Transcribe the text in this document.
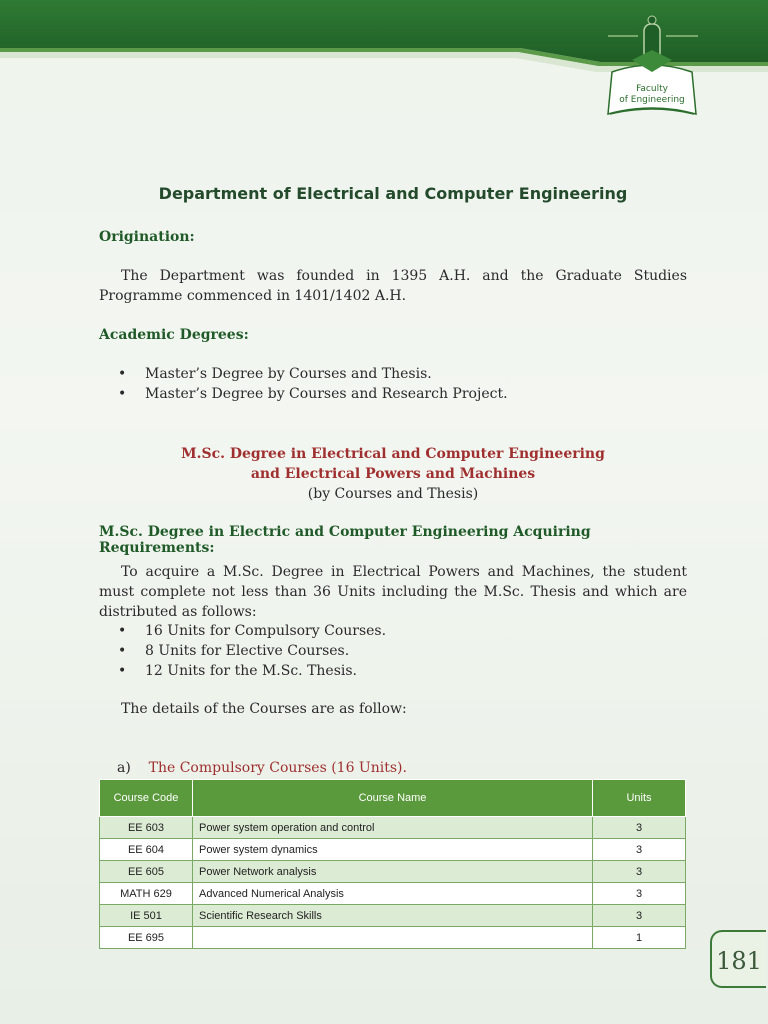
Faculty
of Engineering
Department of Electrical and Computer Engineering
Origination:

The Department was founded in 1395 A.H. and the Graduate Studies Programme commenced in 1401/1402 A.H.

Academic Degrees:
• Master’s Degree by Courses and Thesis.
• Master’s Degree by Courses and Research Project.
M.Sc. Degree in Electrical and Computer Engineering
and Electrical Powers and Machines
(by Courses and Thesis)
M.Sc. Degree in Electric and Computer Engineering Acquiring Requirements:

To acquire a M.Sc. Degree in Electrical Powers and Machines, the student must complete not less than 36 Units including the M.Sc. Thesis and which are distributed as follows:

• 16 Units for Compulsory Courses.
• 8 Units for Elective Courses.
• 12 Units for the M.Sc. Thesis.

The details of the Courses are as follow:

a) The Compulsory Courses (16 Units).
Course Code	Course Name	Units
EE 603	Power system operation and control	3
EE 604	Power system dynamics	3
EE 605	Power Network analysis	3
MATH 629	Advanced Numerical Analysis	3
IE 501	Scientific Research Skills	3
EE 695		1
181
